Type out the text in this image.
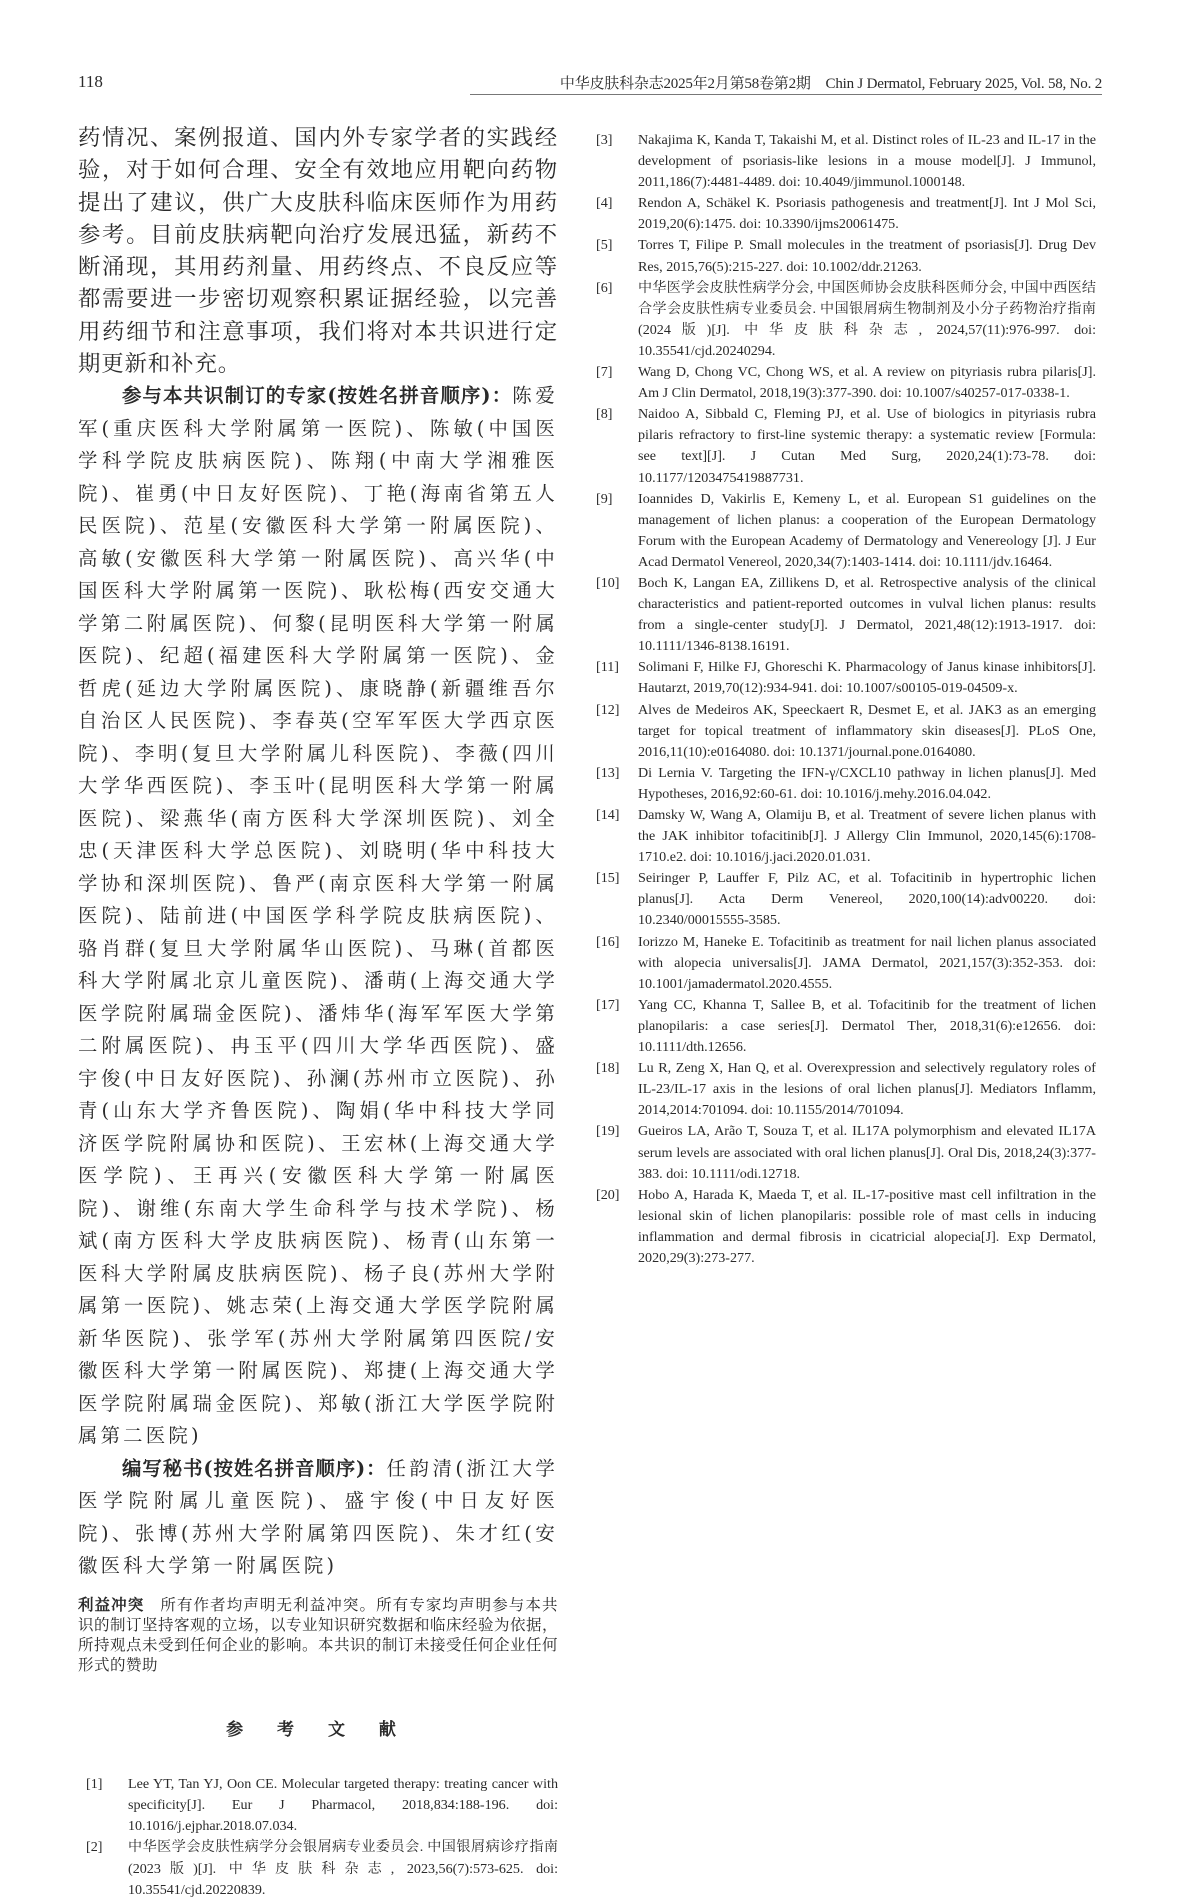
118	中华皮肤科杂志2025年2月第58卷第2期　Chin J Dermatol, February 2025, Vol. 58, No. 2

药情况、案例报道、国内外专家学者的实践经验，对于如何合理、安全有效地应用靶向药物提出了建议，供广大皮肤科临床医师作为用药参考。目前皮肤病靶向治疗发展迅猛，新药不断涌现，其用药剂量、用药终点、不良反应等都需要进一步密切观察积累证据经验，以完善用药细节和注意事项，我们将对本共识进行定期更新和补充。

参与本共识制订的专家(按姓名拼音顺序)：陈爱军(重庆医科大学附属第一医院)、陈敏(中国医学科学院皮肤病医院)、陈翔(中南大学湘雅医院)、崔勇(中日友好医院)、丁艳(海南省第五人民医院)、范星(安徽医科大学第一附属医院)、高敏(安徽医科大学第一附属医院)、高兴华(中国医科大学附属第一医院)、耿松梅(西安交通大学第二附属医院)、何黎(昆明医科大学第一附属医院)、纪超(福建医科大学附属第一医院)、金哲虎(延边大学附属医院)、康晓静(新疆维吾尔自治区人民医院)、李春英(空军军医大学西京医院)、李明(复旦大学附属儿科医院)、李薇(四川大学华西医院)、李玉叶(昆明医科大学第一附属医院)、梁燕华(南方医科大学深圳医院)、刘全忠(天津医科大学总医院)、刘晓明(华中科技大学协和深圳医院)、鲁严(南京医科大学第一附属医院)、陆前进(中国医学科学院皮肤病医院)、骆肖群(复旦大学附属华山医院)、马琳(首都医科大学附属北京儿童医院)、潘萌(上海交通大学医学院附属瑞金医院)、潘炜华(海军军医大学第二附属医院)、冉玉平(四川大学华西医院)、盛宇俊(中日友好医院)、孙澜(苏州市立医院)、孙青(山东大学齐鲁医院)、陶娟(华中科技大学同济医学院附属协和医院)、王宏林(上海交通大学医学院)、王再兴(安徽医科大学第一附属医院)、谢维(东南大学生命科学与技术学院)、杨斌(南方医科大学皮肤病医院)、杨青(山东第一医科大学附属皮肤病医院)、杨子良(苏州大学附属第一医院)、姚志荣(上海交通大学医学院附属新华医院)、张学军(苏州大学附属第四医院/安徽医科大学第一附属医院)、郑捷(上海交通大学医学院附属瑞金医院)、郑敏(浙江大学医学院附属第二医院)

编写秘书(按姓名拼音顺序)：任韵清(浙江大学医学院附属儿童医院)、盛宇俊(中日友好医院)、张博(苏州大学附属第四医院)、朱才红(安徽医科大学第一附属医院)

利益冲突 所有作者均声明无利益冲突。所有专家均声明参与本共识的制订坚持客观的立场，以专业知识研究数据和临床经验为依据，所持观点未受到任何企业的影响。本共识的制订未接受任何企业任何形式的赞助

参 考 文 献
[1]	Lee YT, Tan YJ, Oon CE. Molecular targeted therapy: treating cancer with specificity[J]. Eur J Pharmacol, 2018,834:188-196. doi: 10.1016/j.ejphar.2018.07.034.
[2]	中华医学会皮肤性病学分会银屑病专业委员会. 中国银屑病诊疗指南(2023版)[J]. 中华皮肤科杂志, 2023,56(7):573-625. doi: 10.35541/cjd.20220839.
[3]	Nakajima K, Kanda T, Takaishi M, et al. Distinct roles of IL-23 and IL-17 in the development of psoriasis-like lesions in a mouse model[J]. J Immunol, 2011,186(7):4481-4489. doi: 10.4049/jimmunol.1000148.
[4]	Rendon A, Schäkel K. Psoriasis pathogenesis and treatment[J]. Int J Mol Sci, 2019,20(6):1475. doi: 10.3390/ijms20061475.
[5]	Torres T, Filipe P. Small molecules in the treatment of psoriasis[J]. Drug Dev Res, 2015,76(5):215-227. doi: 10.1002/ddr.21263.
[6]	中华医学会皮肤性病学分会, 中国医师协会皮肤科医师分会, 中国中西医结合学会皮肤性病专业委员会. 中国银屑病生物制剂及小分子药物治疗指南(2024版)[J]. 中华皮肤科杂志, 2024,57(11):976-997. doi: 10.35541/cjd.20240294.
[7]	Wang D, Chong VC, Chong WS, et al. A review on pityriasis rubra pilaris[J]. Am J Clin Dermatol, 2018,19(3):377-390. doi: 10.1007/s40257-017-0338-1.
[8]	Naidoo A, Sibbald C, Fleming PJ, et al. Use of biologics in pityriasis rubra pilaris refractory to first-line systemic therapy: a systematic review [Formula: see text][J]. J Cutan Med Surg, 2020,24(1):73-78. doi: 10.1177/1203475419887731.
[9]	Ioannides D, Vakirlis E, Kemeny L, et al. European S1 guidelines on the management of lichen planus: a cooperation of the European Dermatology Forum with the European Academy of Dermatology and Venereology [J]. J Eur Acad Dermatol Venereol, 2020,34(7):1403-1414. doi: 10.1111/jdv.16464.
[10]	Boch K, Langan EA, Zillikens D, et al. Retrospective analysis of the clinical characteristics and patient-reported outcomes in vulval lichen planus: results from a single-center study[J]. J Dermatol, 2021,48(12):1913-1917. doi: 10.1111/1346-8138.16191.
[11]	Solimani F, Hilke FJ, Ghoreschi K. Pharmacology of Janus kinase inhibitors[J]. Hautarzt, 2019,70(12):934-941. doi: 10.1007/s00105-019-04509-x.
[12]	Alves de Medeiros AK, Speeckaert R, Desmet E, et al. JAK3 as an emerging target for topical treatment of inflammatory skin diseases[J]. PLoS One, 2016,11(10):e0164080. doi: 10.1371/journal.pone.0164080.
[13]	Di Lernia V. Targeting the IFN-γ/CXCL10 pathway in lichen planus[J]. Med Hypotheses, 2016,92:60-61. doi: 10.1016/j.mehy.2016.04.042.
[14]	Damsky W, Wang A, Olamiju B, et al. Treatment of severe lichen planus with the JAK inhibitor tofacitinib[J]. J Allergy Clin Immunol, 2020,145(6):1708-1710.e2. doi: 10.1016/j.jaci.2020.01.031.
[15]	Seiringer P, Lauffer F, Pilz AC, et al. Tofacitinib in hypertrophic lichen planus[J]. Acta Derm Venereol, 2020,100(14):adv00220. doi: 10.2340/00015555-3585.
[16]	Iorizzo M, Haneke E. Tofacitinib as treatment for nail lichen planus associated with alopecia universalis[J]. JAMA Dermatol, 2021,157(3):352-353. doi: 10.1001/jamadermatol.2020.4555.
[17]	Yang CC, Khanna T, Sallee B, et al. Tofacitinib for the treatment of lichen planopilaris: a case series[J]. Dermatol Ther, 2018,31(6):e12656. doi: 10.1111/dth.12656.
[18]	Lu R, Zeng X, Han Q, et al. Overexpression and selectively regulatory roles of IL-23/IL-17 axis in the lesions of oral lichen planus[J]. Mediators Inflamm, 2014,2014:701094. doi: 10.1155/2014/701094.
[19]	Gueiros LA, Arão T, Souza T, et al. IL17A polymorphism and elevated IL17A serum levels are associated with oral lichen planus[J]. Oral Dis, 2018,24(3):377-383. doi: 10.1111/odi.12718.
[20]	Hobo A, Harada K, Maeda T, et al. IL-17-positive mast cell infiltration in the lesional skin of lichen planopilaris: possible role of mast cells in inducing inflammation and dermal fibrosis in cicatricial alopecia[J]. Exp Dermatol, 2020,29(3):273-277.
